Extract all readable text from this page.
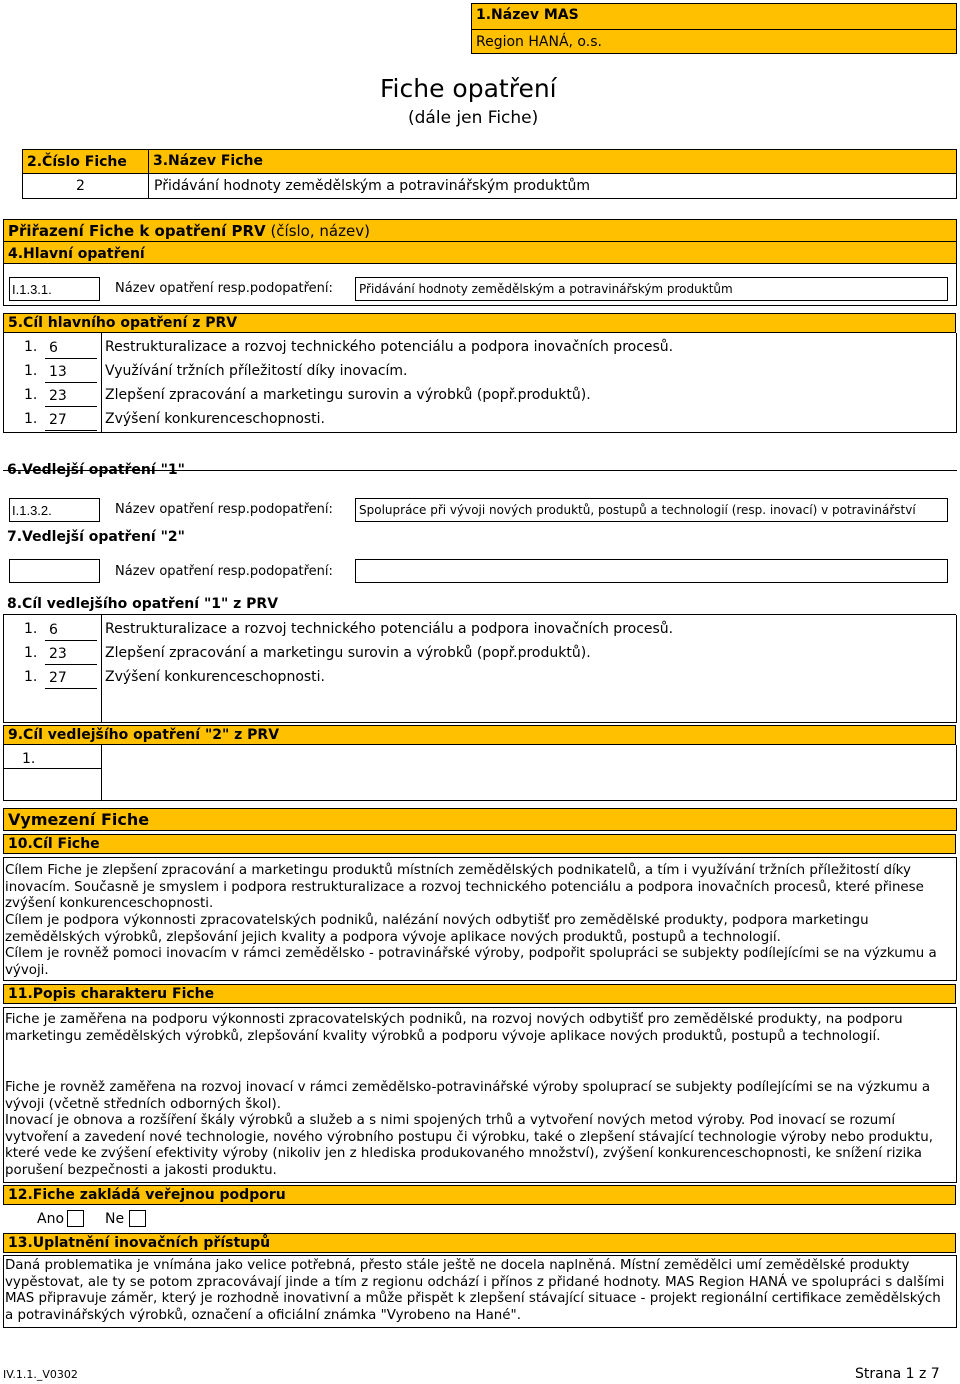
1.Název MAS
Region HANÁ, o.s.
Fiche opatření
(dále jen Fiche)
2.Číslo Fiche 3.Název Fiche
2	Přidávání hodnoty zemědělským a potravinářským produktům
Přiřazení Fiche k opatření PRV (číslo, název)
4.Hlavní opatření
I.1.3.1.	Název opatření resp.podopatření: Přidávání hodnoty zemědělským a potravinářským produktům
5.Cíl hlavního opatření z PRV
1. 6	Restrukturalizace a rozvoj technického potenciálu a podpora inovačních procesů.
1. 13	Využívání tržních příležitostí díky inovacím.
1. 23	Zlepšení zpracování a marketingu surovin a výrobků (popř.produktů).
1. 27	Zvýšení konkurenceschopnosti.
6.Vedlejší opatření "1"
I.1.3.2.	Název opatření resp.podopatření: Spolupráce při vývoji nových produktů, postupů a technologií (resp. inovací) v potravinářství
7.Vedlejší opatření "2"
Název opatření resp.podopatření:
8.Cíl vedlejšího opatření "1" z PRV
1. 6	Restrukturalizace a rozvoj technického potenciálu a podpora inovačních procesů.
1. 23	Zlepšení zpracování a marketingu surovin a výrobků (popř.produktů).
1. 27	Zvýšení konkurenceschopnosti.
9.Cíl vedlejšího opatření "2" z PRV
1.
Vymezení Fiche
10.Cíl Fiche
Cílem Fiche je zlepšení zpracování a marketingu produktů místních zemědělských podnikatelů, a tím i využívání tržních příležitostí díky inovacím. Současně je smyslem i podpora restrukturalizace a rozvoj technického potenciálu a podpora inovačních procesů, které přinese zvýšení konkurenceschopnosti.
Cílem je podpora výkonnosti zpracovatelských podniků, nalézání nových odbytišť pro zemědělské produkty, podpora marketingu zemědělských výrobků, zlepšování jejich kvality a podpora vývoje aplikace nových produktů, postupů a technologií.
Cílem je rovněž pomoci inovacím v rámci zemědělsko - potravinářské výroby, podpořit spolupráci se subjekty podílejícími se na výzkumu a vývoji.
11.Popis charakteru Fiche
Fiche je zaměřena na podporu výkonnosti zpracovatelských podniků, na rozvoj nových odbytišť pro zemědělské produkty, na podporu marketingu zemědělských výrobků, zlepšování kvality výrobků a podporu vývoje aplikace nových produktů, postupů a technologií.
Fiche je rovněž zaměřena na rozvoj inovací v rámci zemědělsko-potravinářské výroby spoluprací se subjekty podílejícími se na výzkumu a vývoji (včetně středních odborných škol).
Inovací je obnova a rozšíření škály výrobků a služeb a s nimi spojených trhů a vytvoření nových metod výroby. Pod inovací se rozumí vytvoření a zavedení nové technologie, nového výrobního postupu či výrobku, také o zlepšení stávající technologie výroby nebo produktu, které vede ke zvýšení efektivity výroby (nikoliv jen z hlediska produkovaného množství), zvýšení konkurenceschopnosti, ke snížení rizika porušení bezpečnosti a jakosti produktu.
12.Fiche zakládá veřejnou podporu
Ano	Ne
13.Uplatnění inovačních přístupů
Daná problematika je vnímána jako velice potřebná, přesto stále ještě ne docela naplněná. Místní zemědělci umí zemědělské produkty vypěstovat, ale ty se potom zpracovávají jinde a tím z regionu odchází i přínos z přidané hodnoty. MAS Region HANÁ ve spolupráci s dalšími MAS připravuje záměr, který je rozhodně inovativní a může přispět k zlepšení stávající situace - projekt regionální certifikace zemědělských a potravinářských výrobků, označení a oficiální známka "Vyrobeno na Hané".
IV.1.1._V0302	Strana 1 z 7
